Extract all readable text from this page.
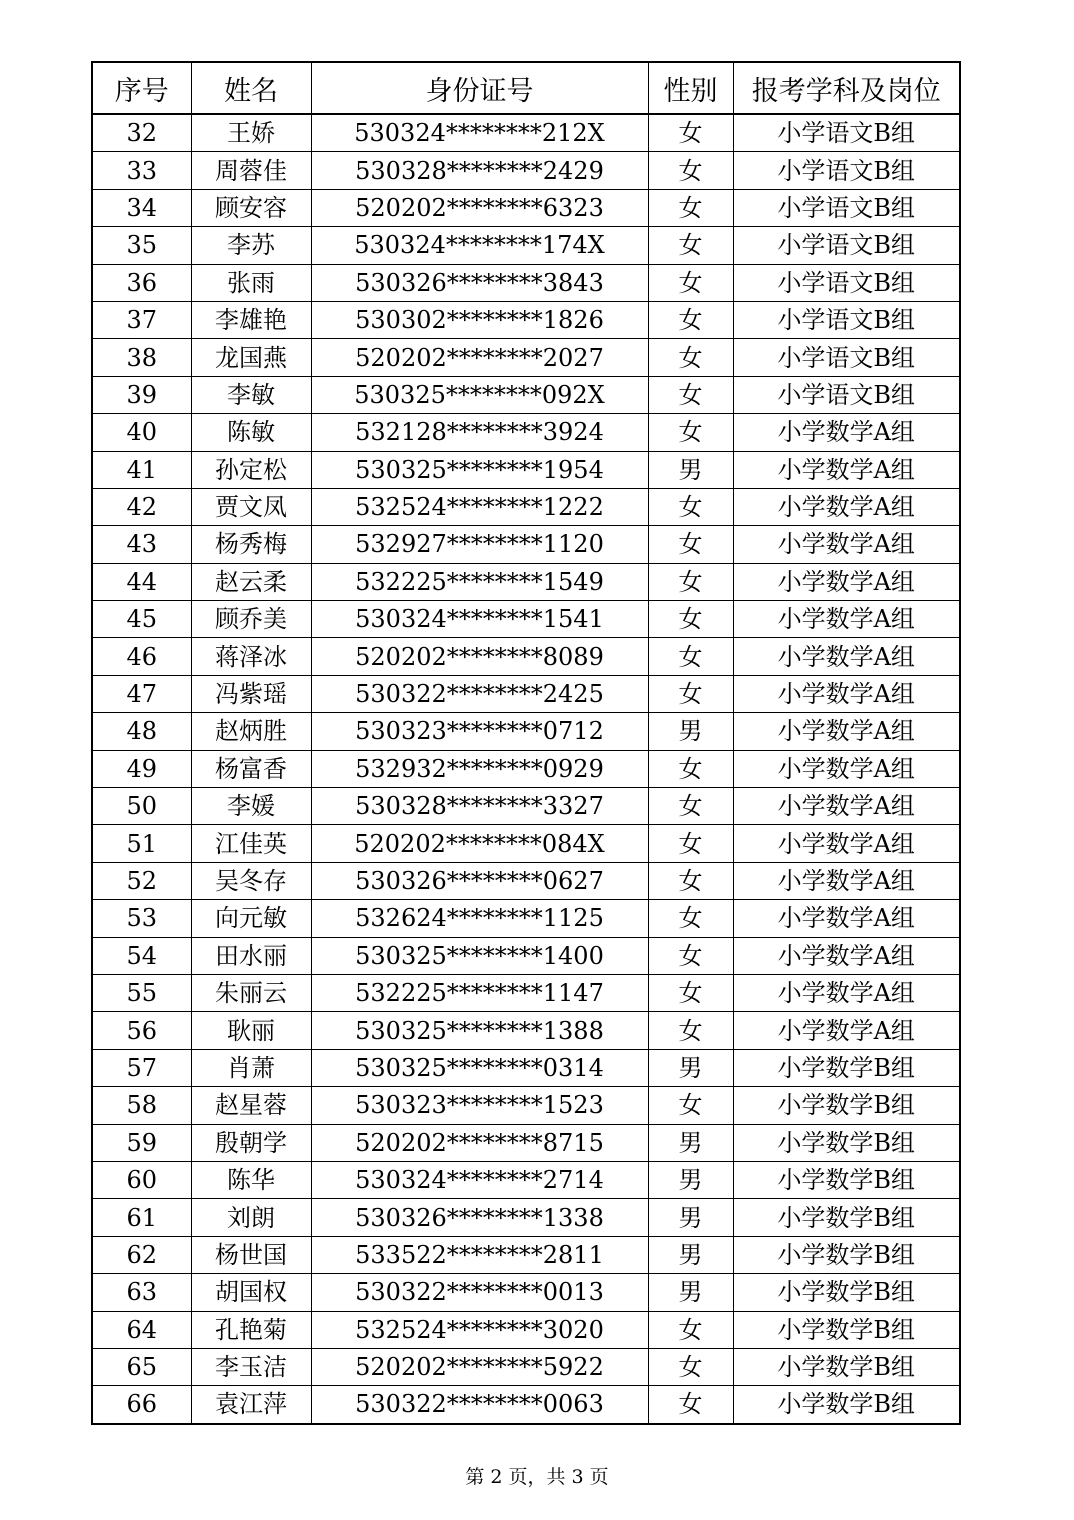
序号	姓名	身份证号	性别	报考学科及岗位
32	王娇	530324********212X	女	小学语文B组
33	周蓉佳	530328********2429	女	小学语文B组
34	顾安容	520202********6323	女	小学语文B组
35	李苏	530324********174X	女	小学语文B组
36	张雨	530326********3843	女	小学语文B组
37	李雄艳	530302********1826	女	小学语文B组
38	龙国燕	520202********2027	女	小学语文B组
39	李敏	530325********092X	女	小学语文B组
40	陈敏	532128********3924	女	小学数学A组
41	孙定松	530325********1954	男	小学数学A组
42	贾文凤	532524********1222	女	小学数学A组
43	杨秀梅	532927********1120	女	小学数学A组
44	赵云柔	532225********1549	女	小学数学A组
45	顾乔美	530324********1541	女	小学数学A组
46	蒋泽冰	520202********8089	女	小学数学A组
47	冯紫瑶	530322********2425	女	小学数学A组
48	赵炳胜	530323********0712	男	小学数学A组
49	杨富香	532932********0929	女	小学数学A组
50	李媛	530328********3327	女	小学数学A组
51	江佳英	520202********084X	女	小学数学A组
52	吴冬存	530326********0627	女	小学数学A组
53	向元敏	532624********1125	女	小学数学A组
54	田水丽	530325********1400	女	小学数学A组
55	朱丽云	532225********1147	女	小学数学A组
56	耿丽	530325********1388	女	小学数学A组
57	肖萧	530325********0314	男	小学数学B组
58	赵星蓉	530323********1523	女	小学数学B组
59	殷朝学	520202********8715	男	小学数学B组
60	陈华	530324********2714	男	小学数学B组
61	刘朗	530326********1338	男	小学数学B组
62	杨世国	533522********2811	男	小学数学B组
63	胡国权	530322********0013	男	小学数学B组
64	孔艳菊	532524********3020	女	小学数学B组
65	李玉洁	520202********5922	女	小学数学B组
66	袁江萍	530322********0063	女	小学数学B组
第 2 页，共 3 页
